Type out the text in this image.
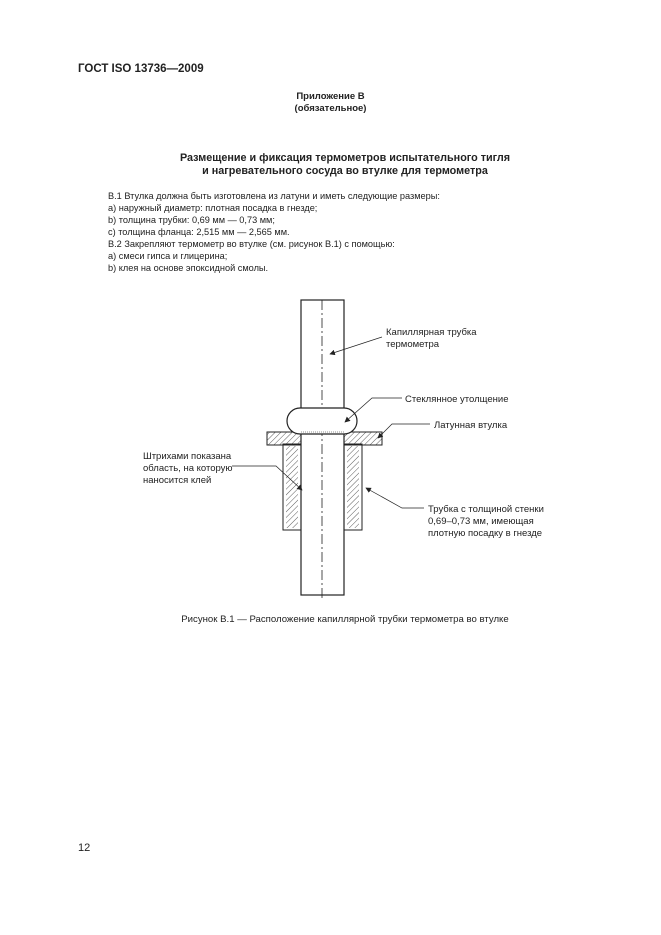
ГОСТ ISO 13736—2009
Приложение В
(обязательное)
Размещение и фиксация термометров испытательного тигля
и нагревательного сосуда во втулке для термометра
В.1 Втулка должна быть изготовлена из латуни и иметь следующие размеры:
а) наружный диаметр: плотная посадка в гнезде;
b) толщина трубки: 0,69 мм — 0,73 мм;
с) толщина фланца: 2,515 мм — 2,565 мм.
В.2 Закрепляют термометр во втулке (см. рисунок В.1) с помощью:
а) смеси гипса и глицерина;
b) клея на основе эпоксидной смолы.
Капиллярная трубка
термометра
Стеклянное утолщение
Латунная втулка
Штрихами показана
область, на которую
наносится клей
Трубка с толщиной стенки
0,69–0,73 мм, имеющая
плотную посадку в гнезде
Рисунок В.1 — Расположение капиллярной трубки термометра во втулке
12
